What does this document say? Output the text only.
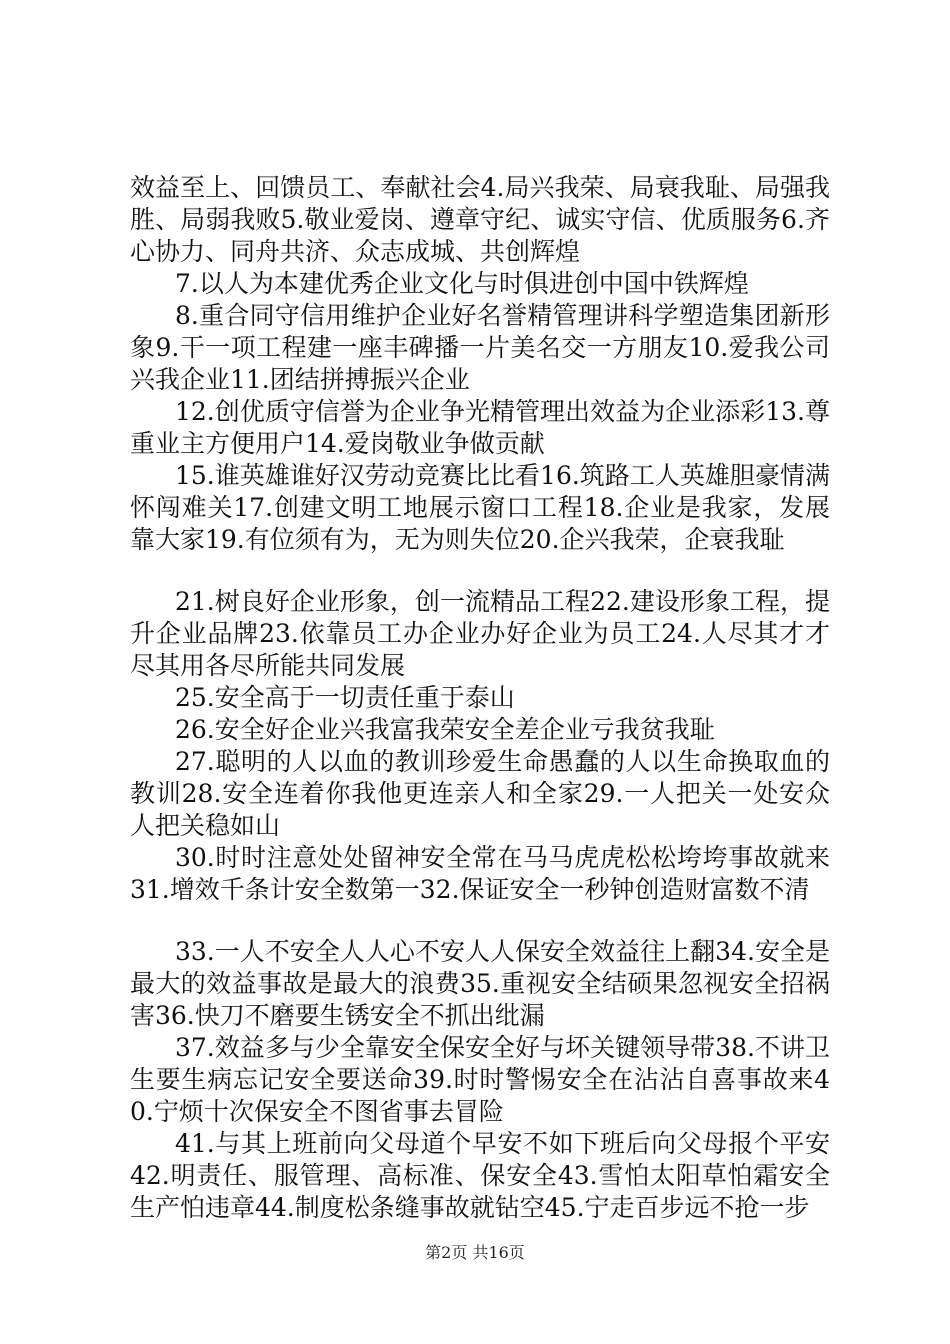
效益至上、回馈员工、奉献社会4.局兴我荣、局衰我耻、局强我胜、局弱我败5.敬业爱岗、遵章守纪、诚实守信、优质服务6.齐心协力、同舟共济、众志成城、共创辉煌

7.以人为本建优秀企业文化与时俱进创中国中铁辉煌

8.重合同守信用维护企业好名誉精管理讲科学塑造集团新形象9.干一项工程建一座丰碑播一片美名交一方朋友10.爱我公司兴我企业11.团结拼搏振兴企业

12.创优质守信誉为企业争光精管理出效益为企业添彩13.尊重业主方便用户14.爱岗敬业争做贡献

15.谁英雄谁好汉劳动竞赛比比看16.筑路工人英雄胆豪情满怀闯难关17.创建文明工地展示窗口工程18.企业是我家，发展靠大家19.有位须有为，无为则失位20.企兴我荣，企衰我耻

21.树良好企业形象，创一流精品工程22.建设形象工程，提升企业品牌23.依靠员工办企业办好企业为员工24.人尽其才才尽其用各尽所能共同发展

25.安全高于一切责任重于泰山

26.安全好企业兴我富我荣安全差企业亏我贫我耻

27.聪明的人以血的教训珍爱生命愚蠢的人以生命换取血的教训28.安全连着你我他更连亲人和全家29.一人把关一处安众人把关稳如山

30.时时注意处处留神安全常在马马虎虎松松垮垮事故就来31.增效千条计安全数第一32.保证安全一秒钟创造财富数不清

33.一人不安全人人心不安人人保安全效益往上翻34.安全是最大的效益事故是最大的浪费35.重视安全结硕果忽视安全招祸害36.快刀不磨要生锈安全不抓出纰漏

37.效益多与少全靠安全保安全好与坏关键领导带38.不讲卫生要生病忘记安全要送命39.时时警惕安全在沾沾自喜事故来40.宁烦十次保安全不图省事去冒险

41.与其上班前向父母道个早安不如下班后向父母报个平安42.明责任、服管理、高标准、保安全43.雪怕太阳草怕霜安全生产怕违章44.制度松条缝事故就钻空45.宁走百步远不抢一步

第2页 共16页
